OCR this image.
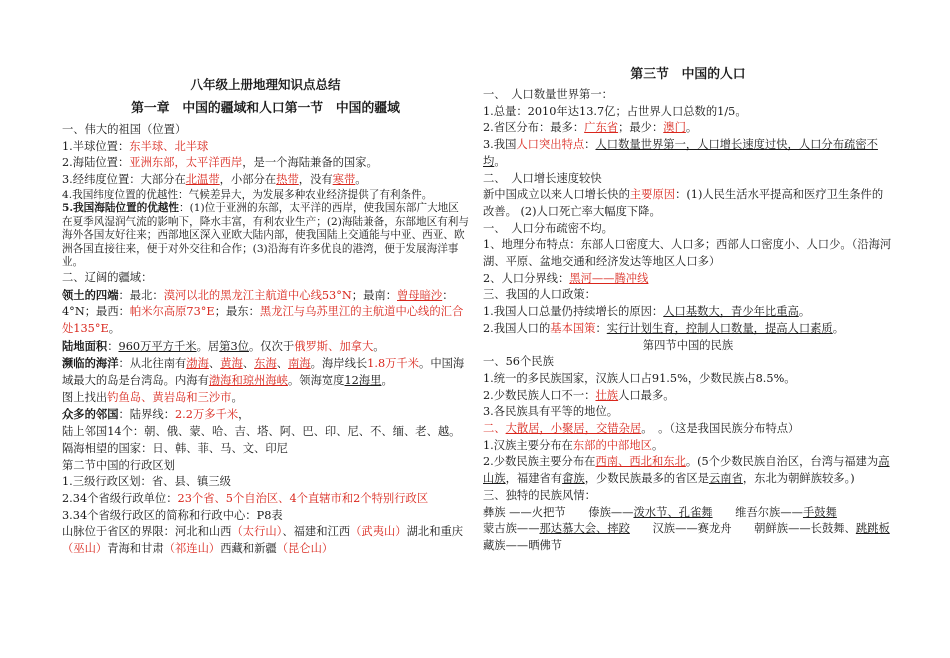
八年级上册地理知识点总结
第一章　中国的疆域和人口第一节　中国的疆域

一、伟大的祖国（位置）

1.半球位置：东半球、北半球

2.海陆位置：亚洲东部，太平洋西岸，是一个海陆兼备的国家。

3.经纬度位置：大部分在北温带，小部分在热带，没有寒带。

4.我国纬度位置的优越性：气候差异大，为发展多种农业经济提供了有利条件。

5.我国海陆位置的优越性：(1)位于亚洲的东部，太平洋的西岸，使我国东部广大地区在夏季风湿润气流的影响下，降水丰富，有利农业生产；(2)海陆兼备，东部地区有利与海外各国友好往来；西部地区深入亚欧大陆内部，使我国陆上交通能与中亚、西亚、欧洲各国直接往来，便于对外交往和合作；(3)沿海有许多优良的港湾，便于发展海洋事业。

二、辽阔的疆域：

领土的四端：最北：漠河以北的黑龙江主航道中心线53°N；最南：曾母暗沙：4°N；最西：帕米尔高原73°E；最东：黑龙江与乌苏里江的主航道中心线的汇合处135°E。

陆地面积：960万平方千米。居第3位。仅次于俄罗斯、加拿大。

濒临的海洋：从北往南有渤海、黄海、东海、南海。海岸线长1.8万千米。中国海域最大的岛是台湾岛。内海有渤海和琼州海峡。领海宽度12海里。

图上找出钓鱼岛、黄岩岛和三沙市。

众多的邻国：陆界线：2.2万多千米，

陆上邻国14个：朝、俄、蒙、哈、吉、塔、阿、巴、印、尼、不、缅、老、越。

隔海相望的国家：日、韩、菲、马、文、印尼

第二节中国的行政区划

1.三级行政区划：省、县、镇三级

2.34个省级行政单位：23个省、5个自治区、4个直辖市和2个特别行政区

3.34个省级行政区的简称和行政中心：P8表

山脉位于省区的界限：河北和山西（太行山）、福建和江西（武夷山）湖北和重庆（巫山）青海和甘肃（祁连山）西藏和新疆（昆仑山）

第三节　中国的人口

一、　人口数量世界第一：

1.总量：2010年达13.7亿；占世界人口总数的1/5。

2.省区分布：最多：广东省；最少：澳门。

3.我国人口突出特点：人口数量世界第一，人口增长速度过快，人口分布疏密不均。

二、　人口增长速度较快

新中国成立以来人口增长快的主要原因：(1)人民生活水平提高和医疗卫生条件的改善。 (2)人口死亡率大幅度下降。

一、　人口分布疏密不均。

1、地理分布特点：东部人口密度大、人口多；西部人口密度小、人口少。（沿海河湖、平原、盆地交通和经济发达等地区人口多）

2、人口分界线：黑河——腾冲线

三、我国的人口政策：

1.我国人口总量仍持续增长的原因：人口基数大，青少年比重高。

2.我国人口的基本国策：实行计划生育，控制人口数量，提高人口素质。

第四节中国的民族

一、56个民族

1.统一的多民族国家，汉族人口占91.5%，少数民族占8.5%。

2.少数民族人口不一：壮族人口最多。

3.各民族具有平等的地位。

二、大散居，小聚居，交错杂居。　。（这是我国民族分布特点）

1.汉族主要分布在东部的中部地区。

2.少数民族主要分布在西南、西北和东北。(5个少数民族自治区，台湾与福建为高山族，福建省有畲族，少数民族最多的省区是云南省，东北为朝鲜族较多。)

三、独特的民族风情：

彝族 ——火把节　　傣族——泼水节、孔雀舞　　维吾尔族——手鼓舞

蒙古族——那达慕大会、摔跤　　汉族——赛龙舟　　朝鲜族——长鼓舞、跳跳板　　藏族——晒佛节
